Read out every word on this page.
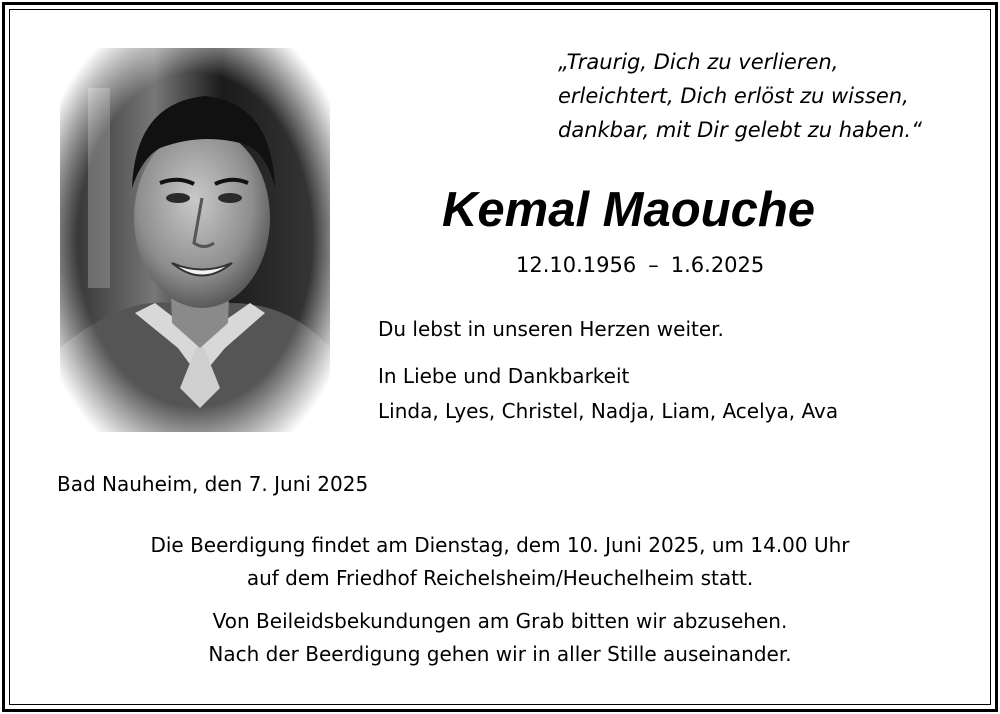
„Traurig, Dich zu verlieren,
erleichtert, Dich erlöst zu wissen,
dankbar, mit Dir gelebt zu haben.“
Kemal Maouche
12.10.1956 – 1.6.2025
Du lebst in unseren Herzen weiter.
In Liebe und Dankbarkeit
Linda, Lyes, Christel, Nadja, Liam, Acelya, Ava
Bad Nauheim, den 7. Juni 2025
Die Beerdigung findet am Dienstag, dem 10. Juni 2025, um 14.00 Uhr
auf dem Friedhof Reichelsheim/Heuchelheim statt.
Von Beileidsbekundungen am Grab bitten wir abzusehen.
Nach der Beerdigung gehen wir in aller Stille auseinander.
